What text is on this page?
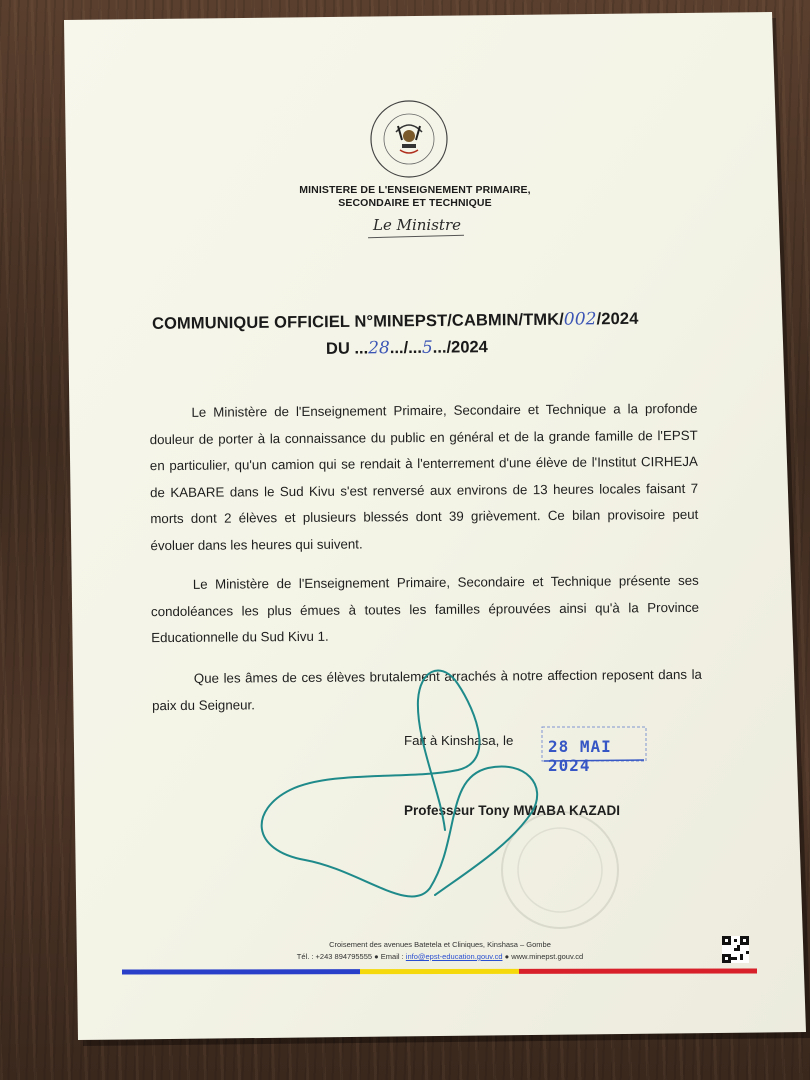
MINISTERE DE L'ENSEIGNEMENT PRIMAIRE,
SECONDAIRE ET TECHNIQUE
Le Ministre
COMMUNIQUE OFFICIEL N°MINEPST/CABMIN/TMK/002/2024
DU ...28.../...5.../2024
Le Ministère de l'Enseignement Primaire, Secondaire et Technique a la profonde douleur de porter à la connaissance du public en général et de la grande famille de l'EPST en particulier, qu'un camion qui se rendait à l'enterrement d'une élève de l'Institut CIRHEJA de KABARE dans le Sud Kivu s'est renversé aux environs de 13 heures locales faisant 7 morts dont 2 élèves et plusieurs blessés dont 39 grièvement. Ce bilan provisoire peut évoluer dans les heures qui suivent.
Le Ministère de l'Enseignement Primaire, Secondaire et Technique présente ses condoléances les plus émues à toutes les familles éprouvées ainsi qu'à la Province Educationnelle du Sud Kivu 1.
Que les âmes de ces élèves brutalement arrachés à notre affection reposent dans la paix du Seigneur.
Fait à Kinshasa, le 28 MAI 2024
Professeur Tony MWABA KAZADI
Croisement des avenues Batetela et Cliniques, Kinshasa – Gombe
Tél. : +243 894795555 ● Email : info@epst-education.gouv.cd ● www.minepst.gouv.cd
